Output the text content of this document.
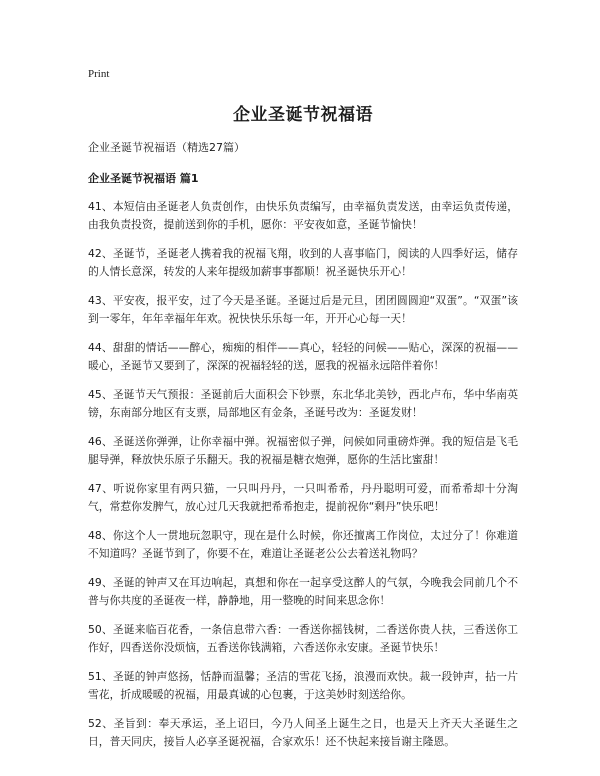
Print
企业圣诞节祝福语
企业圣诞节祝福语（精选27篇）
企业圣诞节祝福语 篇1

41、本短信由圣诞老人负责创作，由快乐负责编写，由幸福负责发送，由幸运负责传递，由我负责投资，提前送到你的手机，愿你：平安夜如意，圣诞节愉快！

42、圣诞节，圣诞老人携着我的祝福飞翔，收到的人喜事临门，阅读的人四季好运，储存的人情长意深，转发的人来年提级加薪事事都顺！祝圣诞快乐开心！

43、平安夜，报平安，过了今天是圣诞。圣诞过后是元旦，团团圆圆迎“双蛋”。“双蛋”该到一零年，年年幸福年年欢。祝快快乐乐每一年，开开心心每一天！

44、甜甜的情话——醉心，痴痴的相伴——真心，轻轻的问候——贴心，深深的祝福——暖心，圣诞节又要到了，深深的祝福轻轻的送，愿我的祝福永远陪伴着你！

45、圣诞节天气预报：圣诞前后大面积会下钞票，东北华北美钞，西北卢布，华中华南英镑，东南部分地区有支票，局部地区有金条，圣诞号改为：圣诞发财！

46、圣诞送你弹弹，让你幸福中弹。祝福密似子弹，问候如同重磅炸弹。我的短信是飞毛腿导弹，释放快乐原子乐翻天。我的祝福是糖衣炮弹，愿你的生活比蜜甜！

47、听说你家里有两只猫，一只叫丹丹，一只叫希希，丹丹聪明可爱，而希希却十分淘气，常惹你发脾气，放心过几天我就把希希抱走，提前祝你“剩丹”快乐吧！

48、你这个人一贯地玩忽职守，现在是什么时候，你还擅离工作岗位，太过分了！你难道不知道吗？圣诞节到了，你要不在，难道让圣诞老公公去着送礼物吗？

49、圣诞的钟声又在耳边响起，真想和你在一起享受这醉人的气氛，今晚我会同前几个不普与你共度的圣诞夜一样，静静地，用一整晚的时间来思念你！

50、圣诞来临百花香，一条信息带六香：一香送你摇钱树，二香送你贵人扶，三香送你工作好，四香送你没烦恼，五香送你钱满箱，六香送你永安康。圣诞节快乐！

51、圣诞的钟声悠扬，恬静而温馨；圣洁的雪花飞扬，浪漫而欢快。裁一段钟声，拈一片雪花，折成暖暖的祝福，用最真诚的心包裹，于这美妙时刻送给你。

52、圣旨到：奉天承运，圣上诏曰，今乃人间圣上诞生之日，也是天上齐天大圣诞生之日，普天同庆，接旨人必享圣诞祝福，合家欢乐！还不快起来接旨谢主隆恩。
